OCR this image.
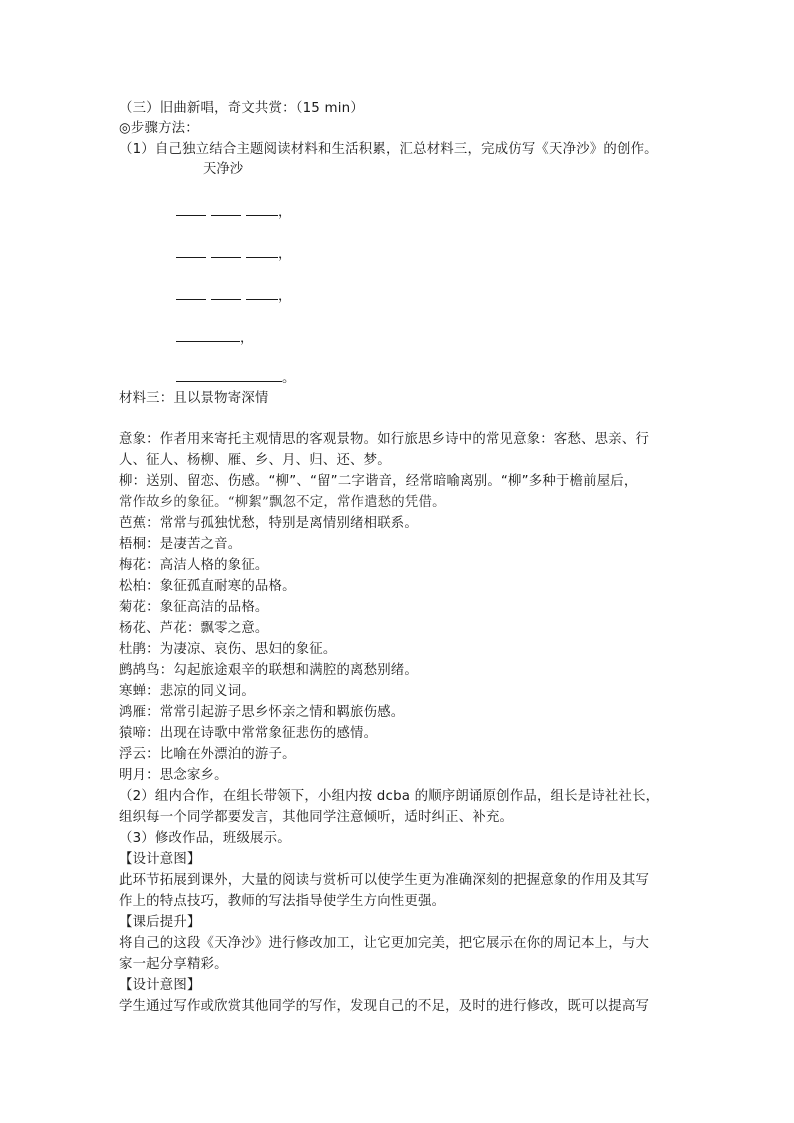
（三）旧曲新唱，奇文共赏：（15 min）
◎步骤方法：
（1）自己独立结合主题阅读材料和生活积累，汇总材料三，完成仿写《天净沙》的创作。
天净沙
，
，
，
，
。
材料三：且以景物寄深情
意象：作者用来寄托主观情思的客观景物。如行旅思乡诗中的常见意象：客愁、思亲、行
人、征人、杨柳、雁、乡、月、归、还、梦。
柳：送别、留恋、伤感。“柳”、“留”二字谐音，经常暗喻离别。“柳”多种于檐前屋后，
常作故乡的象征。“柳絮”飘忽不定，常作遣愁的凭借。
芭蕉：常常与孤独忧愁，特别是离情别绪相联系。
梧桐：是凄苦之音。
梅花：高洁人格的象征。
松柏：象征孤直耐寒的品格。
菊花：象征高洁的品格。
杨花、芦花：飘零之意。
杜鹃：为凄凉、哀伤、思妇的象征。
鹧鸪鸟：勾起旅途艰辛的联想和满腔的离愁别绪。
寒蝉：悲凉的同义词。
鸿雁：常常引起游子思乡怀亲之情和羁旅伤感。
猿啼：出现在诗歌中常常象征悲伤的感情。
浮云：比喻在外漂泊的游子。
明月：思念家乡。
（2）组内合作，在组长带领下，小组内按 dcba 的顺序朗诵原创作品，组长是诗社社长，
组织每一个同学都要发言，其他同学注意倾听，适时纠正、补充。
（3）修改作品，班级展示。
【设计意图】
此环节拓展到课外，大量的阅读与赏析可以使学生更为准确深刻的把握意象的作用及其写
作上的特点技巧，教师的写法指导使学生方向性更强。
【课后提升】
将自己的这段《天净沙》进行修改加工，让它更加完美，把它展示在你的周记本上，与大
家一起分享精彩。
【设计意图】
学生通过写作或欣赏其他同学的写作，发现自己的不足，及时的进行修改，既可以提高写
